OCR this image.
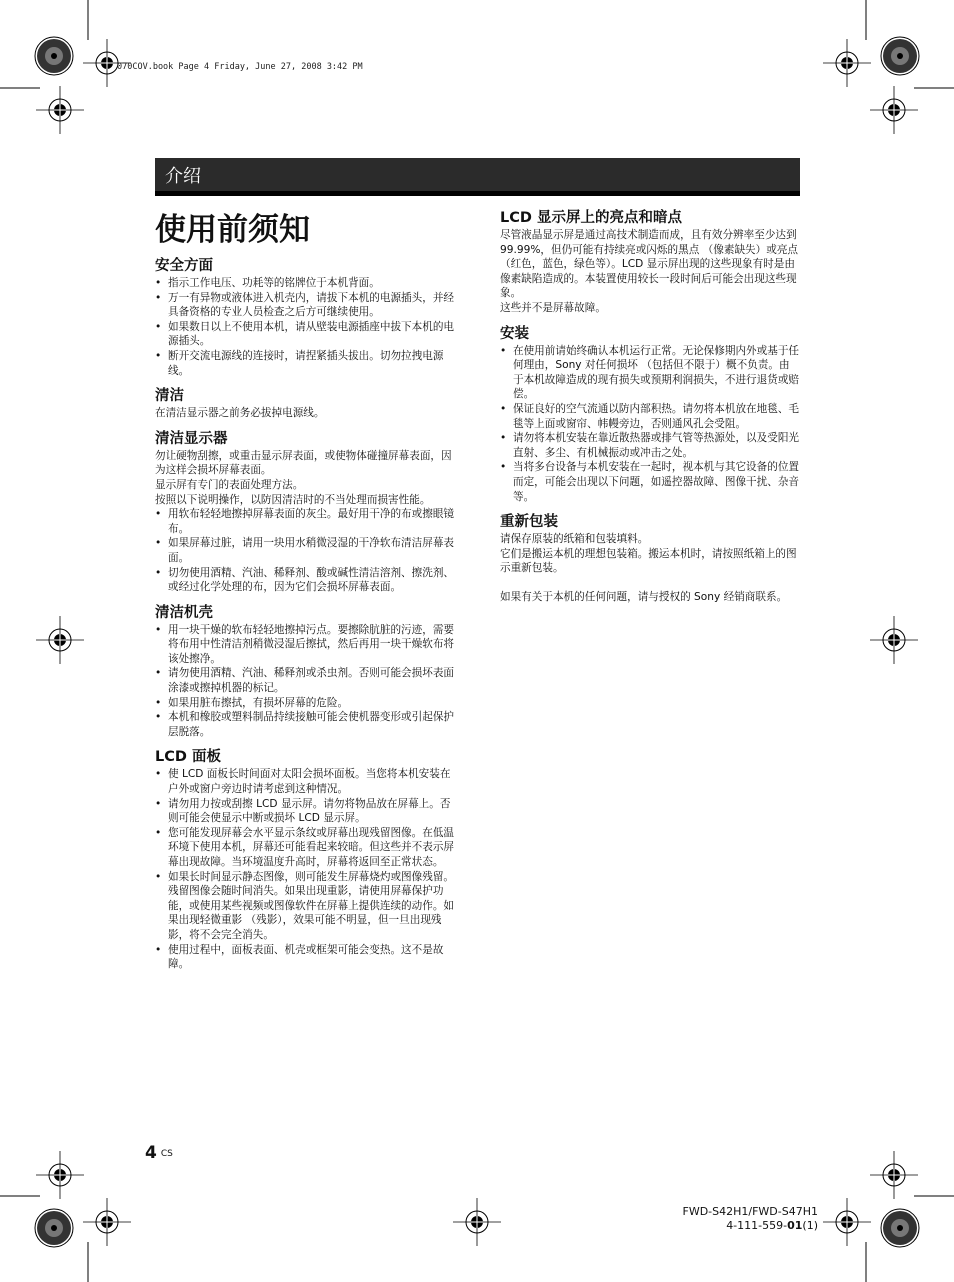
070COV.book Page 4 Friday, June 27, 2008 3:42 PM
介绍
使用前须知
安全方面
• 指示工作电压、功耗等的铭牌位于本机背面。
• 万一有异物或液体进入机壳内，请拔下本机的电源插头，并经具备资格的专业人员检查之后方可继续使用。
• 如果数日以上不使用本机，请从壁装电源插座中拔下本机的电源插头。
• 断开交流电源线的连接时，请捏紧插头拔出。切勿拉拽电源线。
清洁

在清洁显示器之前务必拔掉电源线。

清洁显示器

勿让硬物刮擦，或重击显示屏表面，或使物体碰撞屏幕表面，因为这样会损坏屏幕表面。

显示屏有专门的表面处理方法。

按照以下说明操作，以防因清洁时的不当处理而损害性能。

• 用软布轻轻地擦掉屏幕表面的灰尘。最好用干净的布或擦眼镜布。
• 如果屏幕过脏，请用一块用水稍微浸湿的干净软布清洁屏幕表面。
• 切勿使用酒精、汽油、稀释剂、酸或碱性清洁溶剂、擦洗剂、或经过化学处理的布，因为它们会损坏屏幕表面。
清洁机壳
• 用一块干燥的软布轻轻地擦掉污点。要擦除肮脏的污迹，需要将布用中性清洁剂稍微浸湿后擦拭，然后再用一块干燥软布将该处擦净。
• 请勿使用酒精、汽油、稀释剂或杀虫剂。否则可能会损坏表面涂漆或擦掉机器的标记。
• 如果用脏布擦拭，有损坏屏幕的危险。
• 本机和橡胶或塑料制品持续接触可能会使机器变形或引起保护层脱落。
LCD 面板
• 使 LCD 面板长时间面对太阳会损坏面板。当您将本机安装在户外或窗户旁边时请考虑到这种情况。
• 请勿用力按或刮擦 LCD 显示屏。请勿将物品放在屏幕上。否则可能会使显示中断或损坏 LCD 显示屏。
• 您可能发现屏幕会水平显示条纹或屏幕出现残留图像。在低温环境下使用本机，屏幕还可能看起来较暗。但这些并不表示屏幕出现故障。当环境温度升高时，屏幕将返回至正常状态。
• 如果长时间显示静态图像，则可能发生屏幕烧灼或图像残留。残留图像会随时间消失。如果出现重影，请使用屏幕保护功能，或使用某些视频或图像软件在屏幕上提供连续的动作。如果出现轻微重影 （残影），效果可能不明显，但一旦出现残影，将不会完全消失。
• 使用过程中，面板表面、机壳或框架可能会变热。这不是故障。
LCD 显示屏上的亮点和暗点

尽管液晶显示屏是通过高技术制造而成，且有效分辨率至少达到 99.99%，但仍可能有持续亮或闪烁的黑点 （像素缺失）或亮点 （红色，蓝色，绿色等）。LCD 显示屏出现的这些现象有时是由像素缺陷造成的。本装置使用较长一段时间后可能会出现这些现象。

这些并不是屏幕故障。

安装
• 在使用前请始终确认本机运行正常。无论保修期内外或基于任何理由，Sony 对任何损坏 （包括但不限于）概不负责。由于本机故障造成的现有损失或预期利润损失，不进行退货或赔偿。
• 保证良好的空气流通以防内部积热。请勿将本机放在地毯、毛毯等上面或窗帘、帏幔旁边，否则通风孔会受阻。
• 请勿将本机安装在靠近散热器或排气管等热源处，以及受阳光直射、多尘、有机械振动或冲击之处。
• 当将多台设备与本机安装在一起时，视本机与其它设备的位置而定，可能会出现以下问题，如遥控器故障、图像干扰、杂音等。
重新包装

请保存原装的纸箱和包装填料。

它们是搬运本机的理想包装箱。搬运本机时，请按照纸箱上的图示重新包装。

如果有关于本机的任何问题，请与授权的 Sony 经销商联系。

4 CS
FWD-S42H1/FWD-S47H1
4-111-559-01(1)
